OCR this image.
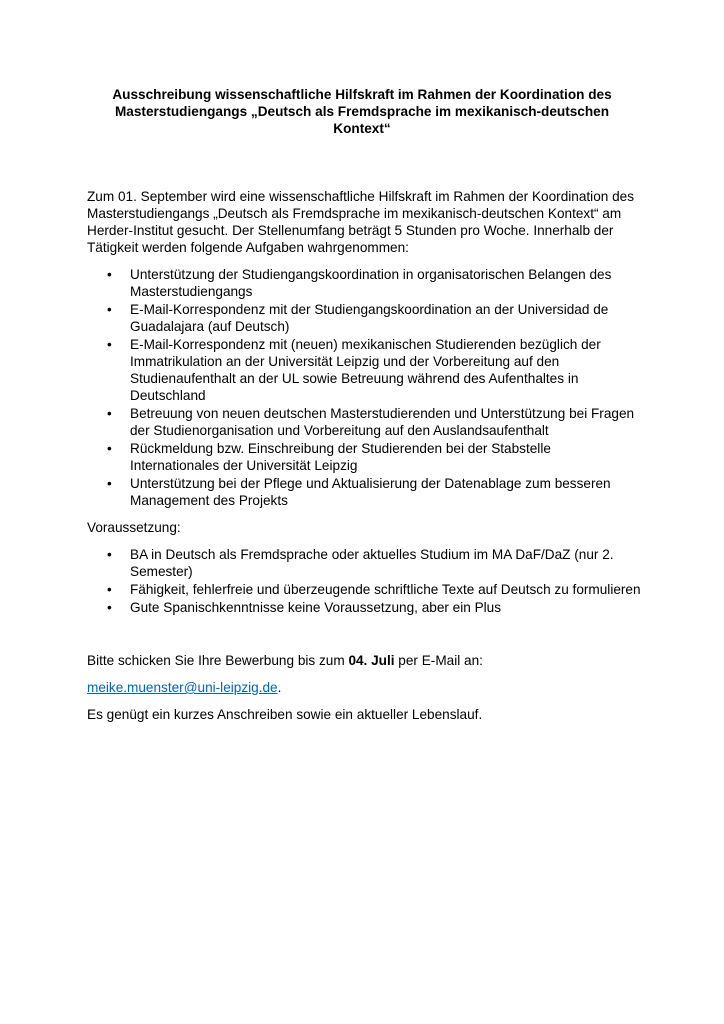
Ausschreibung wissenschaftliche Hilfskraft im Rahmen der Koordination des
Masterstudiengangs „Deutsch als Fremdsprache im mexikanisch-deutschen Kontext“

Zum 01. September wird eine wissenschaftliche Hilfskraft im Rahmen der Koordination des Masterstudiengangs „Deutsch als Fremdsprache im mexikanisch-deutschen Kontext“ am Herder-Institut gesucht. Der Stellenumfang beträgt 5 Stunden pro Woche. Innerhalb der Tätigkeit werden folgende Aufgaben wahrgenommen:

• Unterstützung der Studiengangskoordination in organisatorischen Belangen des Masterstudiengangs
• E-Mail-Korrespondenz mit der Studiengangskoordination an der Universidad de Guadalajara (auf Deutsch)
• E-Mail-Korrespondenz mit (neuen) mexikanischen Studierenden bezüglich der Immatrikulation an der Universität Leipzig und der Vorbereitung auf den Studienaufenthalt an der UL sowie Betreuung während des Aufenthaltes in Deutschland
• Betreuung von neuen deutschen Masterstudierenden und Unterstützung bei Fragen der Studienorganisation und Vorbereitung auf den Auslandsaufenthalt
• Rückmeldung bzw. Einschreibung der Studierenden bei der Stabstelle Internationales der Universität Leipzig
• Unterstützung bei der Pflege und Aktualisierung der Datenablage zum besseren Management des Projekts

Voraussetzung:

• BA in Deutsch als Fremdsprache oder aktuelles Studium im MA DaF/DaZ (nur 2. Semester)
• Fähigkeit, fehlerfreie und überzeugende schriftliche Texte auf Deutsch zu formulieren
• Gute Spanischkenntnisse keine Voraussetzung, aber ein Plus

Bitte schicken Sie Ihre Bewerbung bis zum 04. Juli per E-Mail an:

meike.muenster@uni-leipzig.de.

Es genügt ein kurzes Anschreiben sowie ein aktueller Lebenslauf.
